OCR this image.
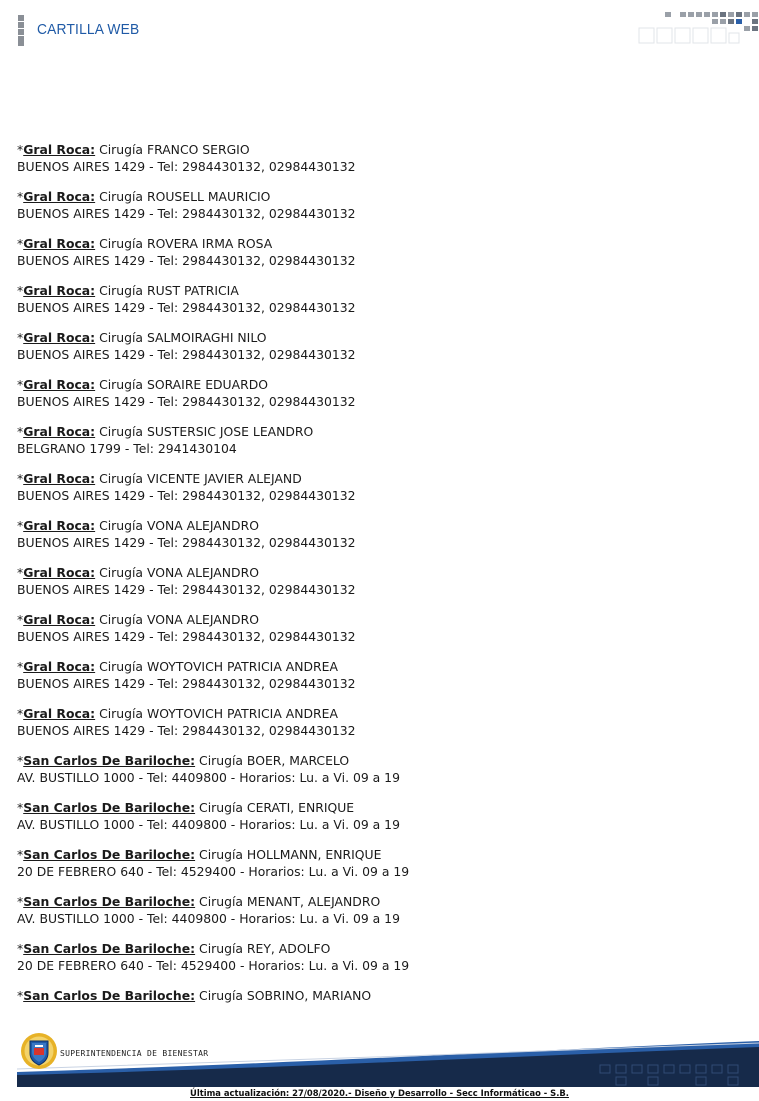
CARTILLA WEB
*Gral Roca: Cirugía FRANCO SERGIO
BUENOS AIRES 1429 - Tel: 2984430132, 02984430132
*Gral Roca: Cirugía ROUSELL MAURICIO
BUENOS AIRES 1429 - Tel: 2984430132, 02984430132
*Gral Roca: Cirugía ROVERA IRMA ROSA
BUENOS AIRES 1429 - Tel: 2984430132, 02984430132
*Gral Roca: Cirugía RUST PATRICIA
BUENOS AIRES 1429 - Tel: 2984430132, 02984430132
*Gral Roca: Cirugía SALMOIRAGHI NILO
BUENOS AIRES 1429 - Tel: 2984430132, 02984430132
*Gral Roca: Cirugía SORAIRE EDUARDO
BUENOS AIRES 1429 - Tel: 2984430132, 02984430132
*Gral Roca: Cirugía SUSTERSIC JOSE LEANDRO
BELGRANO 1799 - Tel: 2941430104
*Gral Roca: Cirugía VICENTE JAVIER ALEJAND
BUENOS AIRES 1429 - Tel: 2984430132, 02984430132
*Gral Roca: Cirugía VONA ALEJANDRO
BUENOS AIRES 1429 - Tel: 2984430132, 02984430132
*Gral Roca: Cirugía VONA ALEJANDRO
BUENOS AIRES 1429 - Tel: 2984430132, 02984430132
*Gral Roca: Cirugía VONA ALEJANDRO
BUENOS AIRES 1429 - Tel: 2984430132, 02984430132
*Gral Roca: Cirugía WOYTOVICH PATRICIA ANDREA
BUENOS AIRES 1429 - Tel: 2984430132, 02984430132
*Gral Roca: Cirugía WOYTOVICH PATRICIA ANDREA
BUENOS AIRES 1429 - Tel: 2984430132, 02984430132
*San Carlos De Bariloche: Cirugía BOER, MARCELO
AV. BUSTILLO 1000 - Tel: 4409800 - Horarios: Lu. a Vi. 09 a 19
*San Carlos De Bariloche: Cirugía CERATI, ENRIQUE
AV. BUSTILLO 1000 - Tel: 4409800 - Horarios: Lu. a Vi. 09 a 19
*San Carlos De Bariloche: Cirugía HOLLMANN, ENRIQUE
20 DE FEBRERO 640 - Tel: 4529400 - Horarios: Lu. a Vi. 09 a 19
*San Carlos De Bariloche: Cirugía MENANT, ALEJANDRO
AV. BUSTILLO 1000 - Tel: 4409800 - Horarios: Lu. a Vi. 09 a 19
*San Carlos De Bariloche: Cirugía REY, ADOLFO
20 DE FEBRERO 640 - Tel: 4529400 - Horarios: Lu. a Vi. 09 a 19
*San Carlos De Bariloche: Cirugía SOBRINO, MARIANO
SUPERINTENDENCIA DE BIENESTAR
Última actualización: 27/08/2020.- Diseño y Desarrollo - Secc Informáticao - S.B.
